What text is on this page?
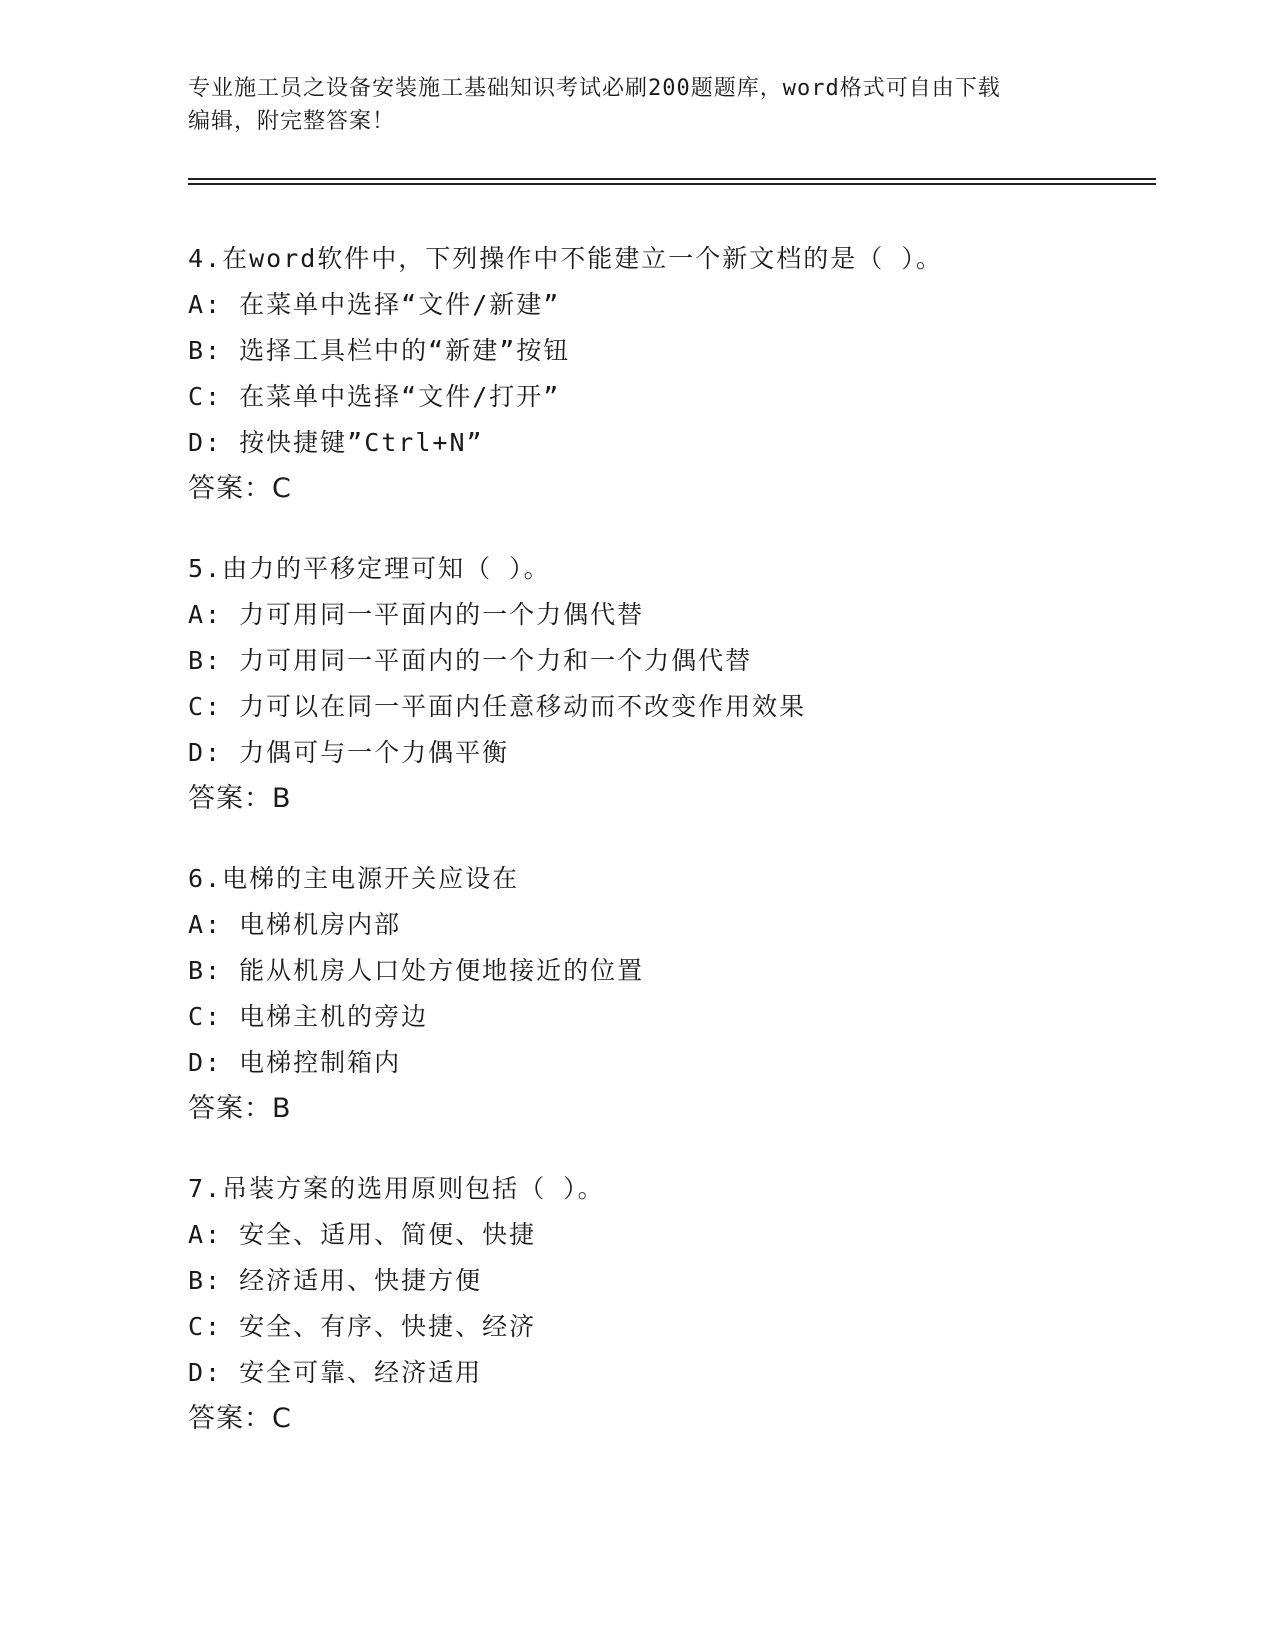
专业施工员之设备安装施工基础知识考试必刷200题题库，word格式可自由下载
编辑，附完整答案！
4.在word软件中，下列操作中不能建立一个新文档的是（ ）。
A: 在菜单中选择“文件/新建”
B: 选择工具栏中的“新建”按钮
C: 在菜单中选择“文件/打开”
D: 按快捷键”Ctrl+N”
答案：C
5.由力的平移定理可知（ ）。
A: 力可用同一平面内的一个力偶代替
B: 力可用同一平面内的一个力和一个力偶代替
C: 力可以在同一平面内任意移动而不改变作用效果
D: 力偶可与一个力偶平衡
答案：B
6.电梯的主电源开关应设在
A: 电梯机房内部
B: 能从机房人口处方便地接近的位置
C: 电梯主机的旁边
D: 电梯控制箱内
答案：B
7.吊装方案的选用原则包括（ ）。
A: 安全、适用、简便、快捷
B: 经济适用、快捷方便
C: 安全、有序、快捷、经济
D: 安全可靠、经济适用
答案：C
